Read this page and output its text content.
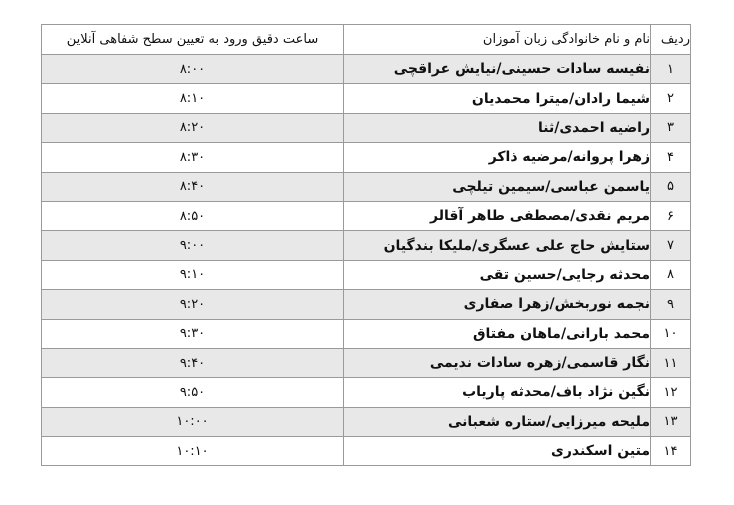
ردیف	نام و نام خانوادگی زبان آموزان	ساعت دقیق ورود به تعیین سطح شفاهی آنلاین
۱	نفیسه سادات حسینی/نیایش عراقچی	۸:۰۰
۲	شیما رادان/میترا محمدیان	۸:۱۰
۳	راضیه احمدی/ثنا	۸:۲۰
۴	زهرا پروانه/مرضیه ذاکر	۸:۳۰
۵	یاسمن عباسی/سیمین تیلچی	۸:۴۰
۶	مریم نقدی/مصطفی طاهر آقالر	۸:۵۰
۷	ستایش حاج علی عسگری/ملیکا بندگیان	۹:۰۰
۸	محدثه رجایی/حسین تقی	۹:۱۰
۹	نجمه نوربخش/زهرا صفاری	۹:۲۰
۱۰	محمد بارانی/ماهان مفتاق	۹:۳۰
۱۱	نگار قاسمی/زهره سادات ندیمی	۹:۴۰
۱۲	نگین نژاد باف/محدثه پاریاب	۹:۵۰
۱۳	ملیحه میرزایی/ستاره شعبانی	۱۰:۰۰
۱۴	متین اسکندری	۱۰:۱۰
